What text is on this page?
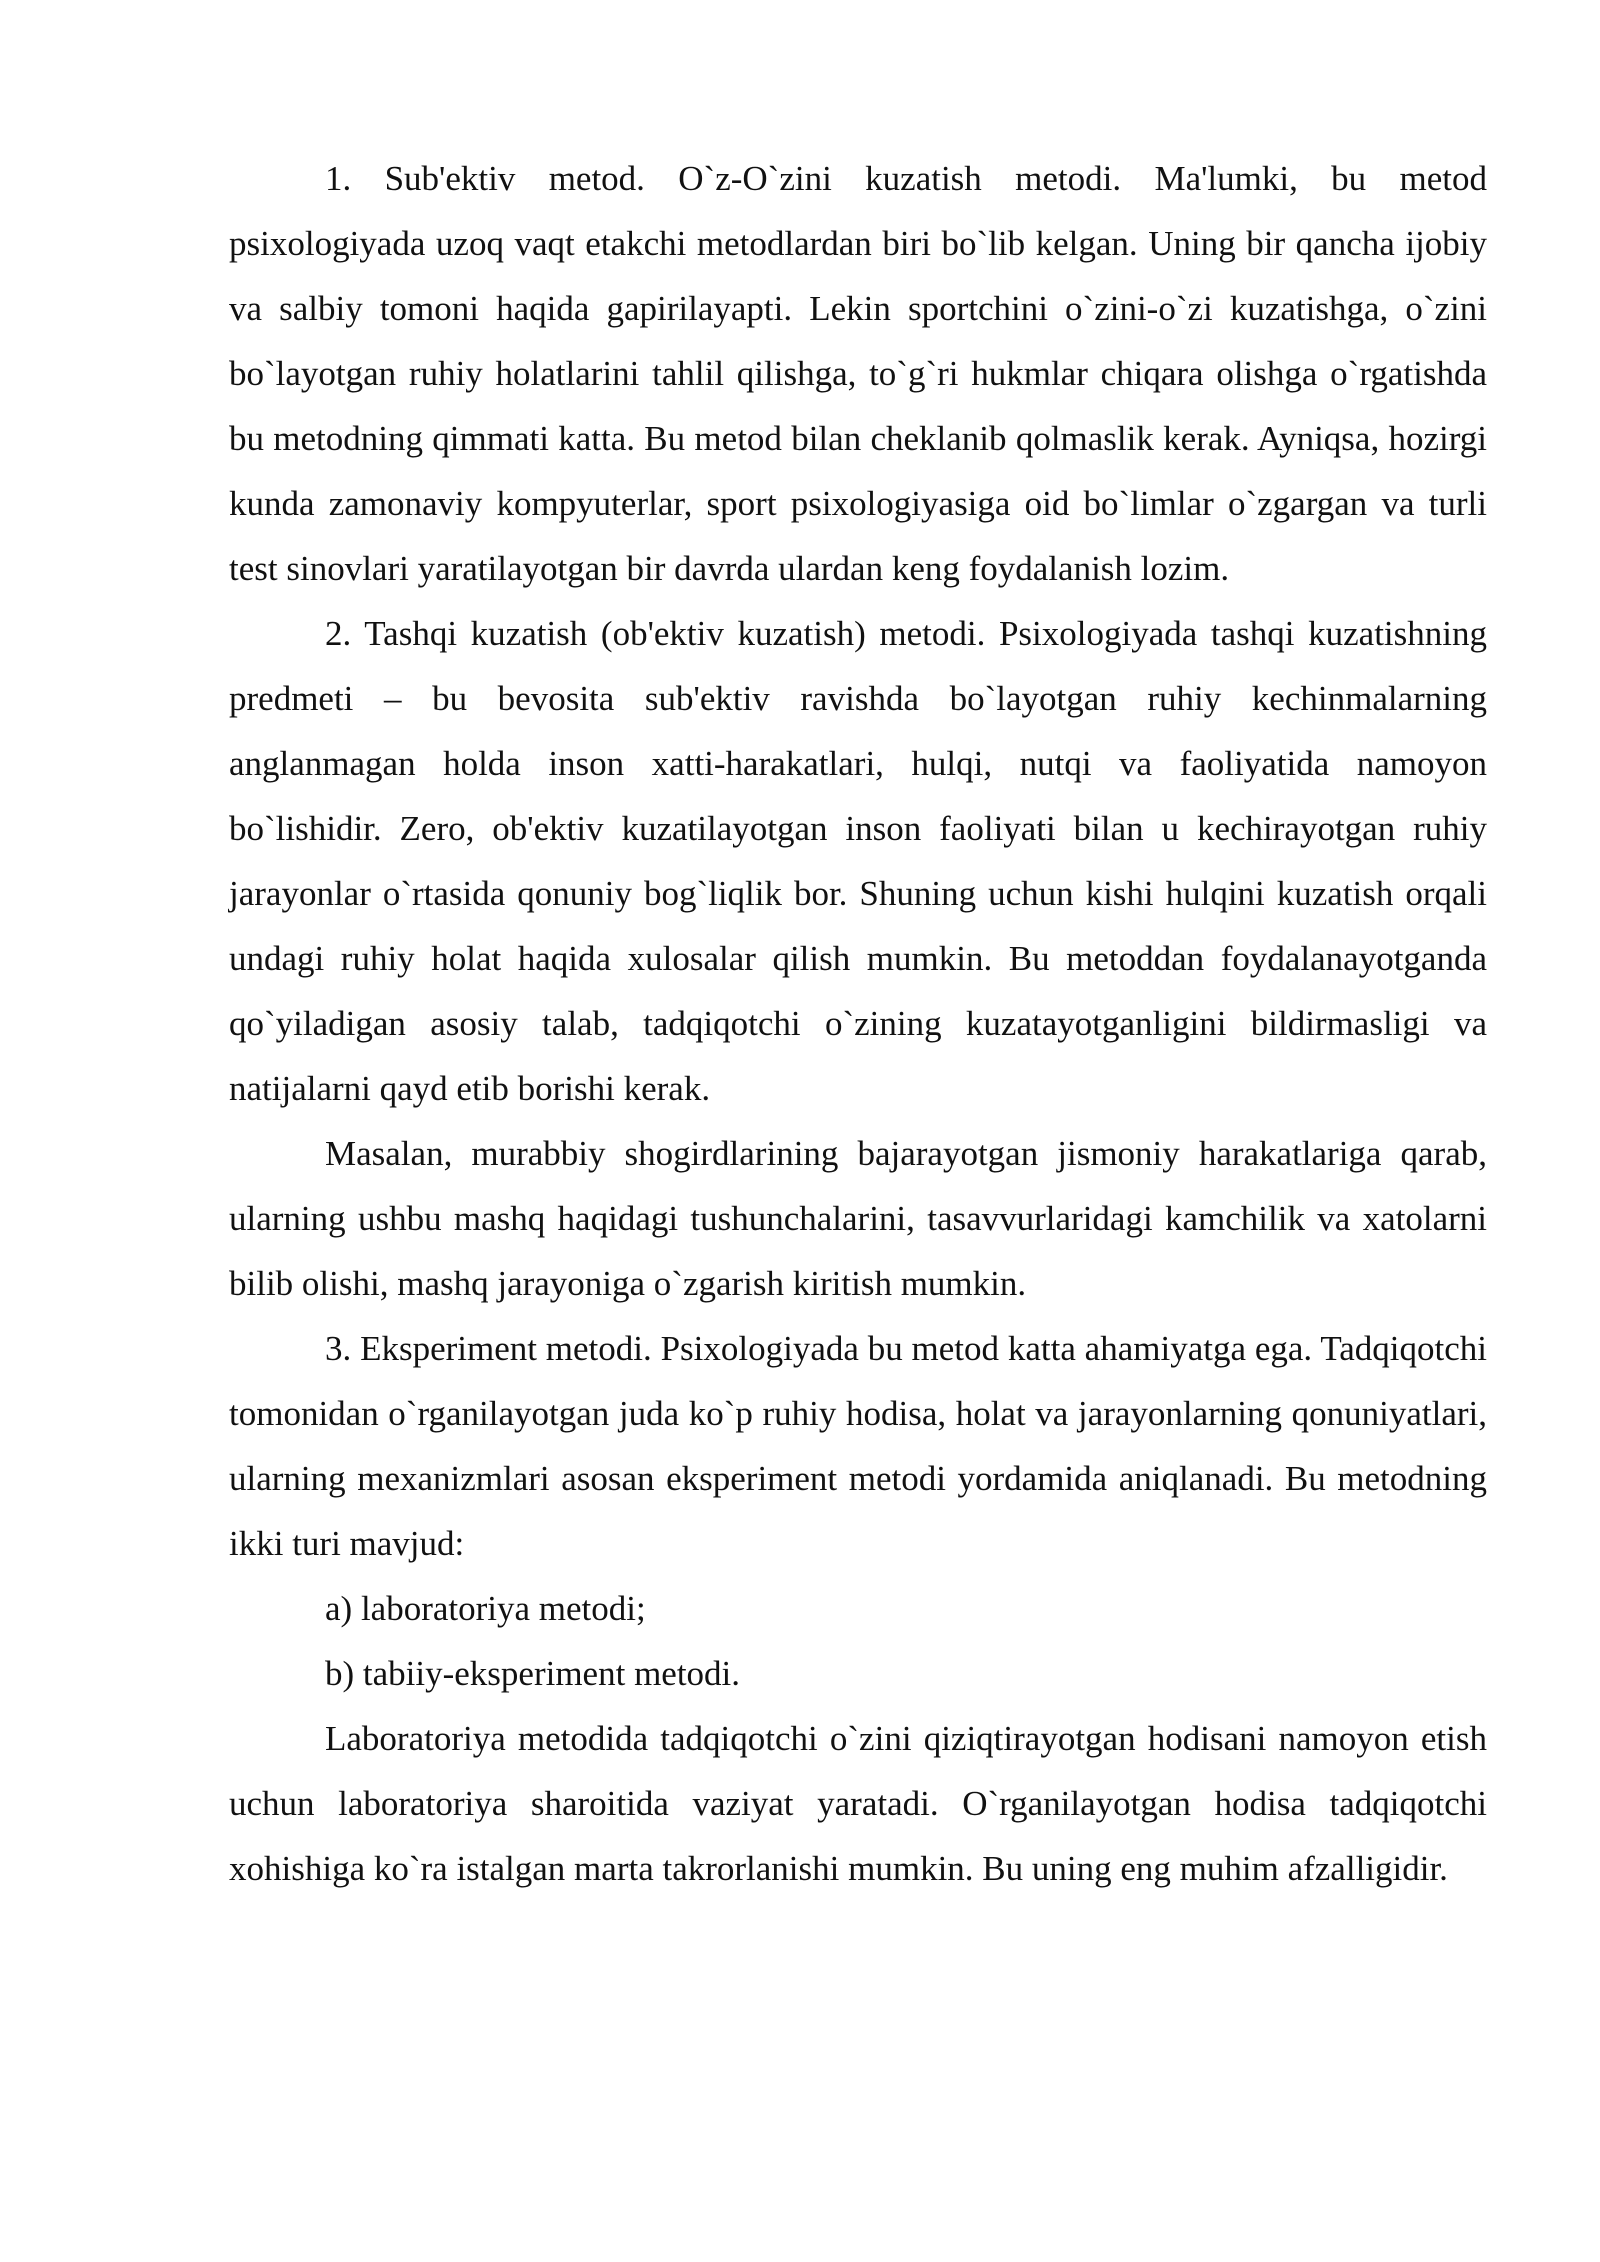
1. Sub'ektiv metod. O`z-O`zini kuzatish metodi. Ma'lumki, bu metod psixologiyada uzoq vaqt etakchi metodlardan biri bo`lib kelgan. Uning bir qancha ijobiy va salbiy tomoni haqida gapirilayapti. Lekin sportchini o`zini-o`zi kuzatishga, o`zini bo`layotgan ruhiy holatlarini tahlil qilishga, to`g`ri hukmlar chiqara olishga o`rgatishda bu metodning qimmati katta. Bu metod bilan cheklanib qolmaslik kerak. Ayniqsa, hozirgi kunda zamonaviy kompyuterlar, sport psixologiyasiga oid bo`limlar o`zgargan va turli test sinovlari yaratilayotgan bir davrda ulardan keng foydalanish lozim.

2. Tashqi kuzatish (ob'ektiv kuzatish) metodi. Psixologiyada tashqi kuzatishning predmeti – bu bevosita sub'ektiv ravishda bo`layotgan ruhiy kechinmalarning anglanmagan holda inson xatti-harakatlari, hulqi, nutqi va faoliyatida namoyon bo`lishidir. Zero, ob'ektiv kuzatilayotgan inson faoliyati bilan u kechirayotgan ruhiy jarayonlar o`rtasida qonuniy bog`liqlik bor. Shuning uchun kishi hulqini kuzatish orqali undagi ruhiy holat haqida xulosalar qilish mumkin. Bu metoddan foydalanayotganda qo`yiladigan asosiy talab, tadqiqotchi o`zining kuzatayotganligini bildirmasligi va natijalarni qayd etib borishi kerak.

Masalan, murabbiy shogirdlarining bajarayotgan jismoniy harakatlariga qarab, ularning ushbu mashq haqidagi tushunchalarini, tasavvurlaridagi kamchilik va xatolarni bilib olishi, mashq jarayoniga o`zgarish kiritish mumkin.

3. Eksperiment metodi. Psixologiyada bu metod katta ahamiyatga ega. Tadqiqotchi tomonidan o`rganilayotgan juda ko`p ruhiy hodisa, holat va jarayonlarning qonuniyatlari, ularning mexanizmlari asosan eksperiment metodi yordamida aniqlanadi. Bu metodning ikki turi mavjud:

a) laboratoriya metodi;

b) tabiiy-eksperiment metodi.

Laboratoriya metodida tadqiqotchi o`zini qiziqtirayotgan hodisani namoyon etish uchun laboratoriya sharoitida vaziyat yaratadi. O`rganilayotgan hodisa tadqiqotchi xohishiga ko`ra istalgan marta takrorlanishi mumkin. Bu uning eng muhim afzalligidir.
